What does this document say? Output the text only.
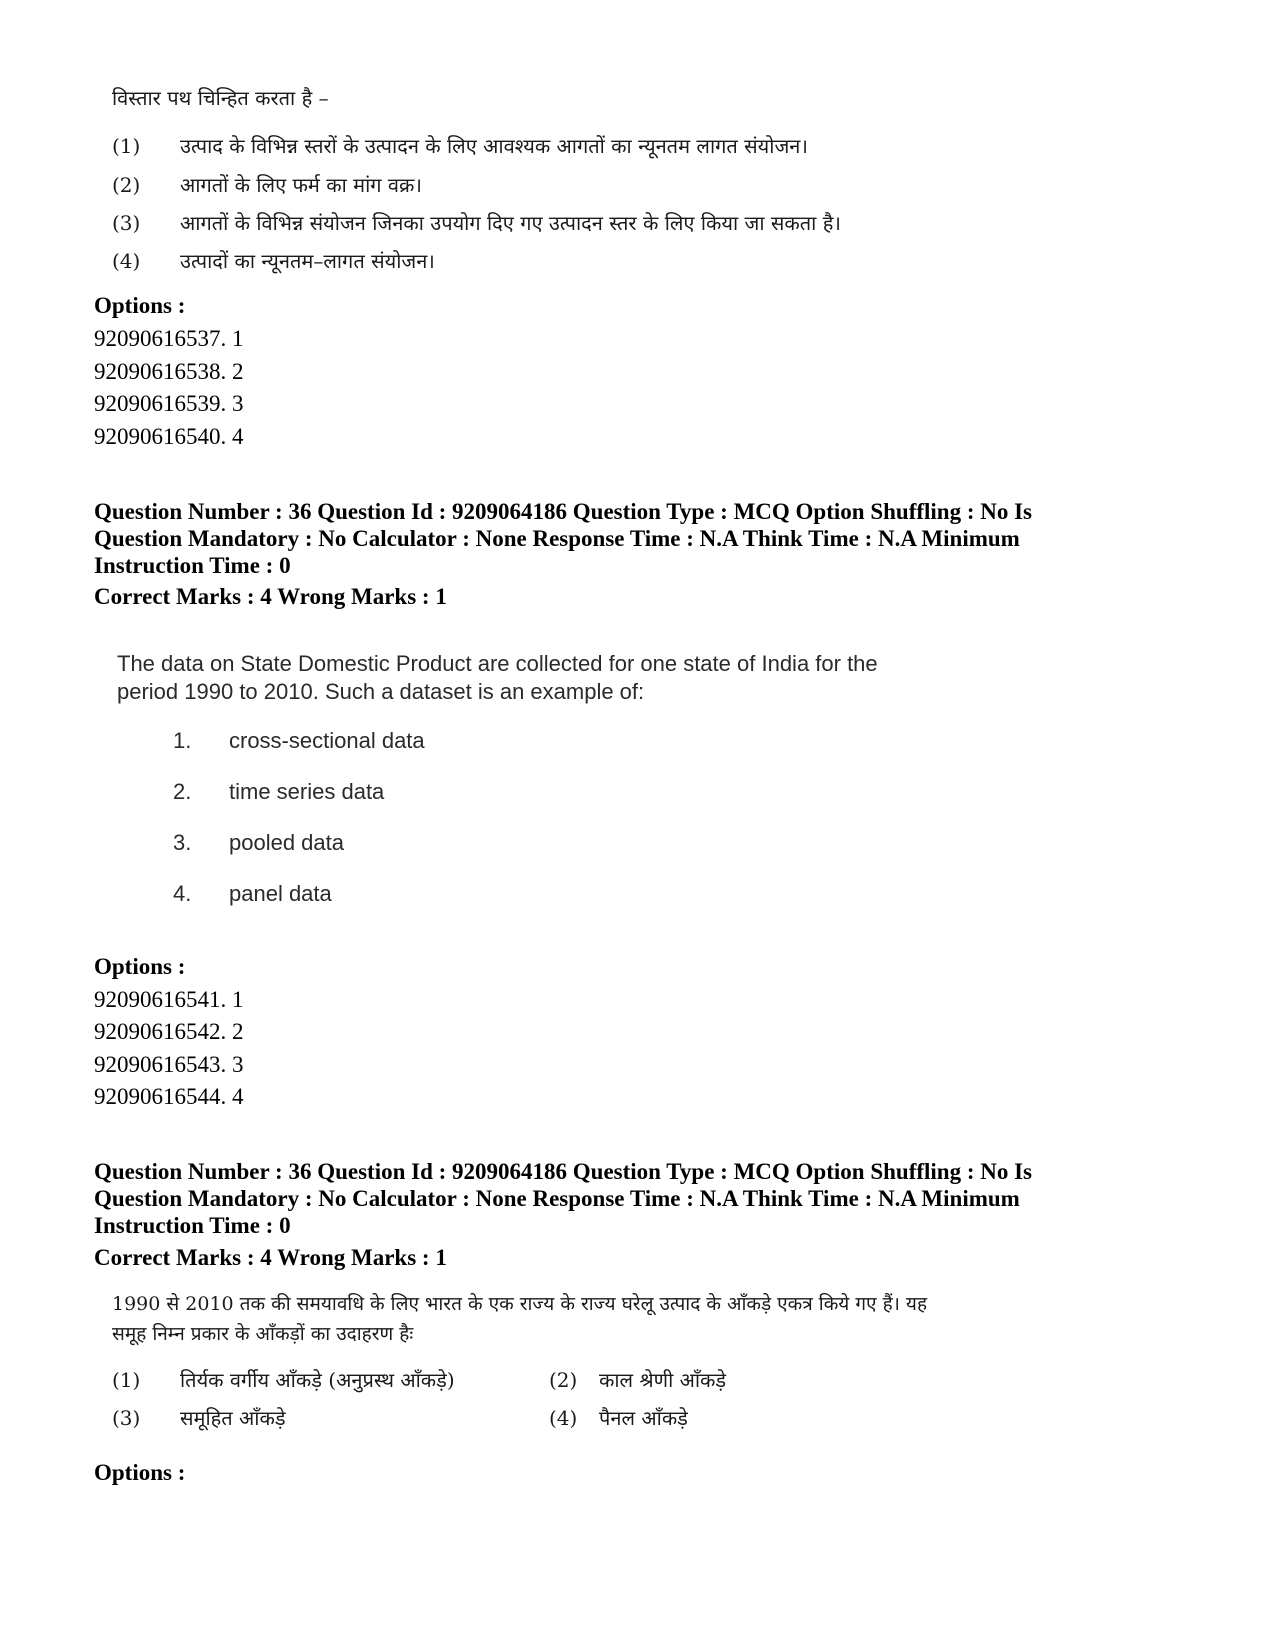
विस्तार पथ चिन्हित करता है –
(1) उत्पाद के विभिन्न स्तरों के उत्पादन के लिए आवश्यक आगतों का न्यूनतम लागत संयोजन।
(2) आगतों के लिए फर्म का मांग वक्र।
(3) आगतों के विभिन्न संयोजन जिनका उपयोग दिए गए उत्पादन स्तर के लिए किया जा सकता है।
(4) उत्पादों का न्यूनतम–लागत संयोजन।
Options :
92090616537. 1
92090616538. 2
92090616539. 3
92090616540. 4
Question Number : 36 Question Id : 9209064186 Question Type : MCQ Option Shuffling : No Is
Question Mandatory : No Calculator : None Response Time : N.A Think Time : N.A Minimum
Instruction Time : 0
Correct Marks : 4 Wrong Marks : 1
The data on State Domestic Product are collected for one state of India for the
period 1990 to 2010. Such a dataset is an example of:
1. cross-sectional data
2. time series data
3. pooled data
4. panel data
Options :
92090616541. 1
92090616542. 2
92090616543. 3
92090616544. 4
Question Number : 36 Question Id : 9209064186 Question Type : MCQ Option Shuffling : No Is
Question Mandatory : No Calculator : None Response Time : N.A Think Time : N.A Minimum
Instruction Time : 0
Correct Marks : 4 Wrong Marks : 1
1990 से 2010 तक की समयावधि के लिए भारत के एक राज्य के राज्य घरेलू उत्पाद के आँकड़े एकत्र किये गए हैं। यह
समूह निम्न प्रकार के आँकड़ों का उदाहरण हैः
(1) तिर्यक वर्गीय आँकड़े (अनुप्रस्थ आँकड़े)	(2) काल श्रेणी आँकड़े
(3) समूहित आँकड़े	(4) पैनल आँकड़े
Options :
